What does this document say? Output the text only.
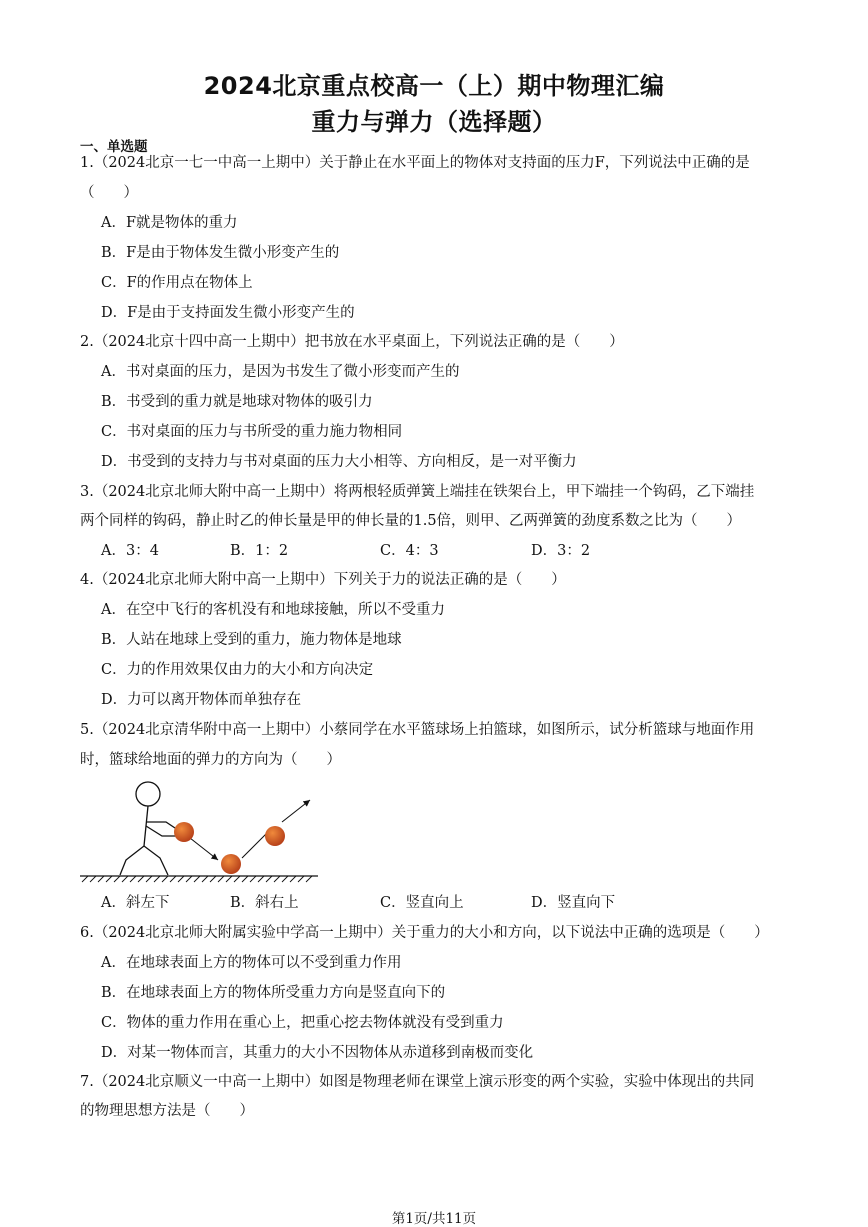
2024北京重点校高一（上）期中物理汇编
重力与弹力（选择题）
一、单选题
1.（2024北京一七一中高一上期中）关于静止在水平面上的物体对支持面的压力F，下列说法中正确的是
（　　）
A．F就是物体的重力
B．F是由于物体发生微小形变产生的
C．F的作用点在物体上
D．F是由于支持面发生微小形变产生的
2.（2024北京十四中高一上期中）把书放在水平桌面上，下列说法正确的是（　　）
A．书对桌面的压力，是因为书发生了微小形变而产生的
B．书受到的重力就是地球对物体的吸引力
C．书对桌面的压力与书所受的重力施力物相同
D．书受到的支持力与书对桌面的压力大小相等、方向相反，是一对平衡力
3.（2024北京北师大附中高一上期中）将两根轻质弹簧上端挂在铁架台上，甲下端挂一个钩码，乙下端挂
两个同样的钩码，静止时乙的伸长量是甲的伸长量的1.5倍，则甲、乙两弹簧的劲度系数之比为（　　）
A．3：4	B．1：2	C．4：3	D．3：2
4.（2024北京北师大附中高一上期中）下列关于力的说法正确的是（　　）
A．在空中飞行的客机没有和地球接触，所以不受重力
B．人站在地球上受到的重力，施力物体是地球
C．力的作用效果仅由力的大小和方向决定
D．力可以离开物体而单独存在
5.（2024北京清华附中高一上期中）小蔡同学在水平篮球场上拍篮球，如图所示，试分析篮球与地面作用
时，篮球给地面的弹力的方向为（　　）
A．斜左下	B．斜右上	C．竖直向上	D．竖直向下
6.（2024北京北师大附属实验中学高一上期中）关于重力的大小和方向，以下说法中正确的选项是（　　）
A．在地球表面上方的物体可以不受到重力作用
B．在地球表面上方的物体所受重力方向是竖直向下的
C．物体的重力作用在重心上，把重心挖去物体就没有受到重力
D．对某一物体而言，其重力的大小不因物体从赤道移到南极而变化
7.（2024北京顺义一中高一上期中）如图是物理老师在课堂上演示形变的两个实验，实验中体现出的共同
的物理思想方法是（　　）
第1页/共11页
